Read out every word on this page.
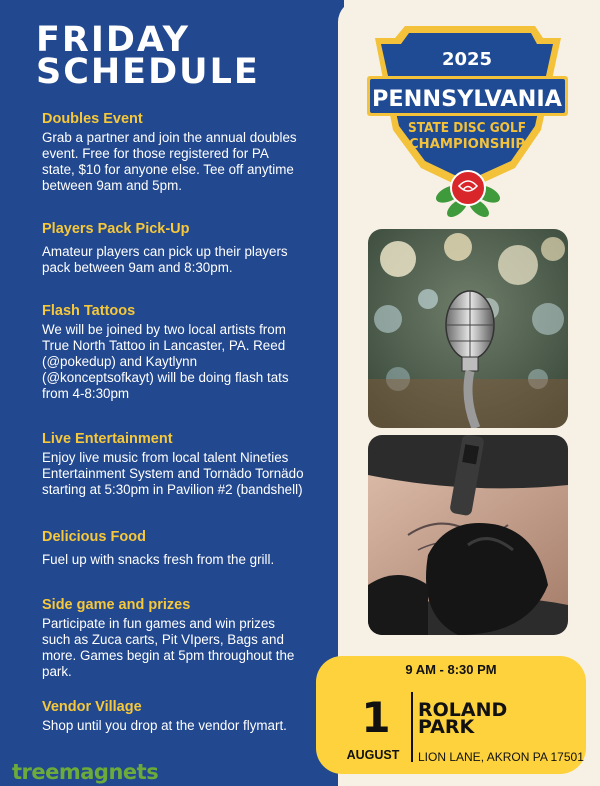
FRIDAY
SCHEDULE
Doubles Event

Grab a partner and join the annual doubles event. Free for those registered for PA state, $10 for anyone else. Tee off anytime between 9am and 5pm.

Players Pack Pick-Up

Amateur players can pick up their players pack between 9am and 8:30pm.

Flash Tattoos

We will be joined by two local artists from True North Tattoo in Lancaster, PA. Reed (@pokedup) and Kaytlynn (@konceptsofkayt) will be doing flash tats from 4-8:30pm

Live Entertainment

Enjoy live music from local talent Nineties Entertainment System and Tornädo Tornädo starting at 5:30pm in Pavilion #2 (bandshell)

Delicious Food

Fuel up with snacks fresh from the grill.

Side game and prizes

Participate in fun games and win prizes such as Zuca carts, Pit VIpers, Bags and more. Games begin at 5pm throughout the park.

Vendor Village

Shop until you drop at the vendor flymart.

treemagnets
2025
PENNSYLVANIA
STATE DISC GOLF
CHAMPIONSHIP
9 AM - 8:30 PM
1
AUGUST
ROLAND
PARK
LION LANE, AKRON PA 17501
